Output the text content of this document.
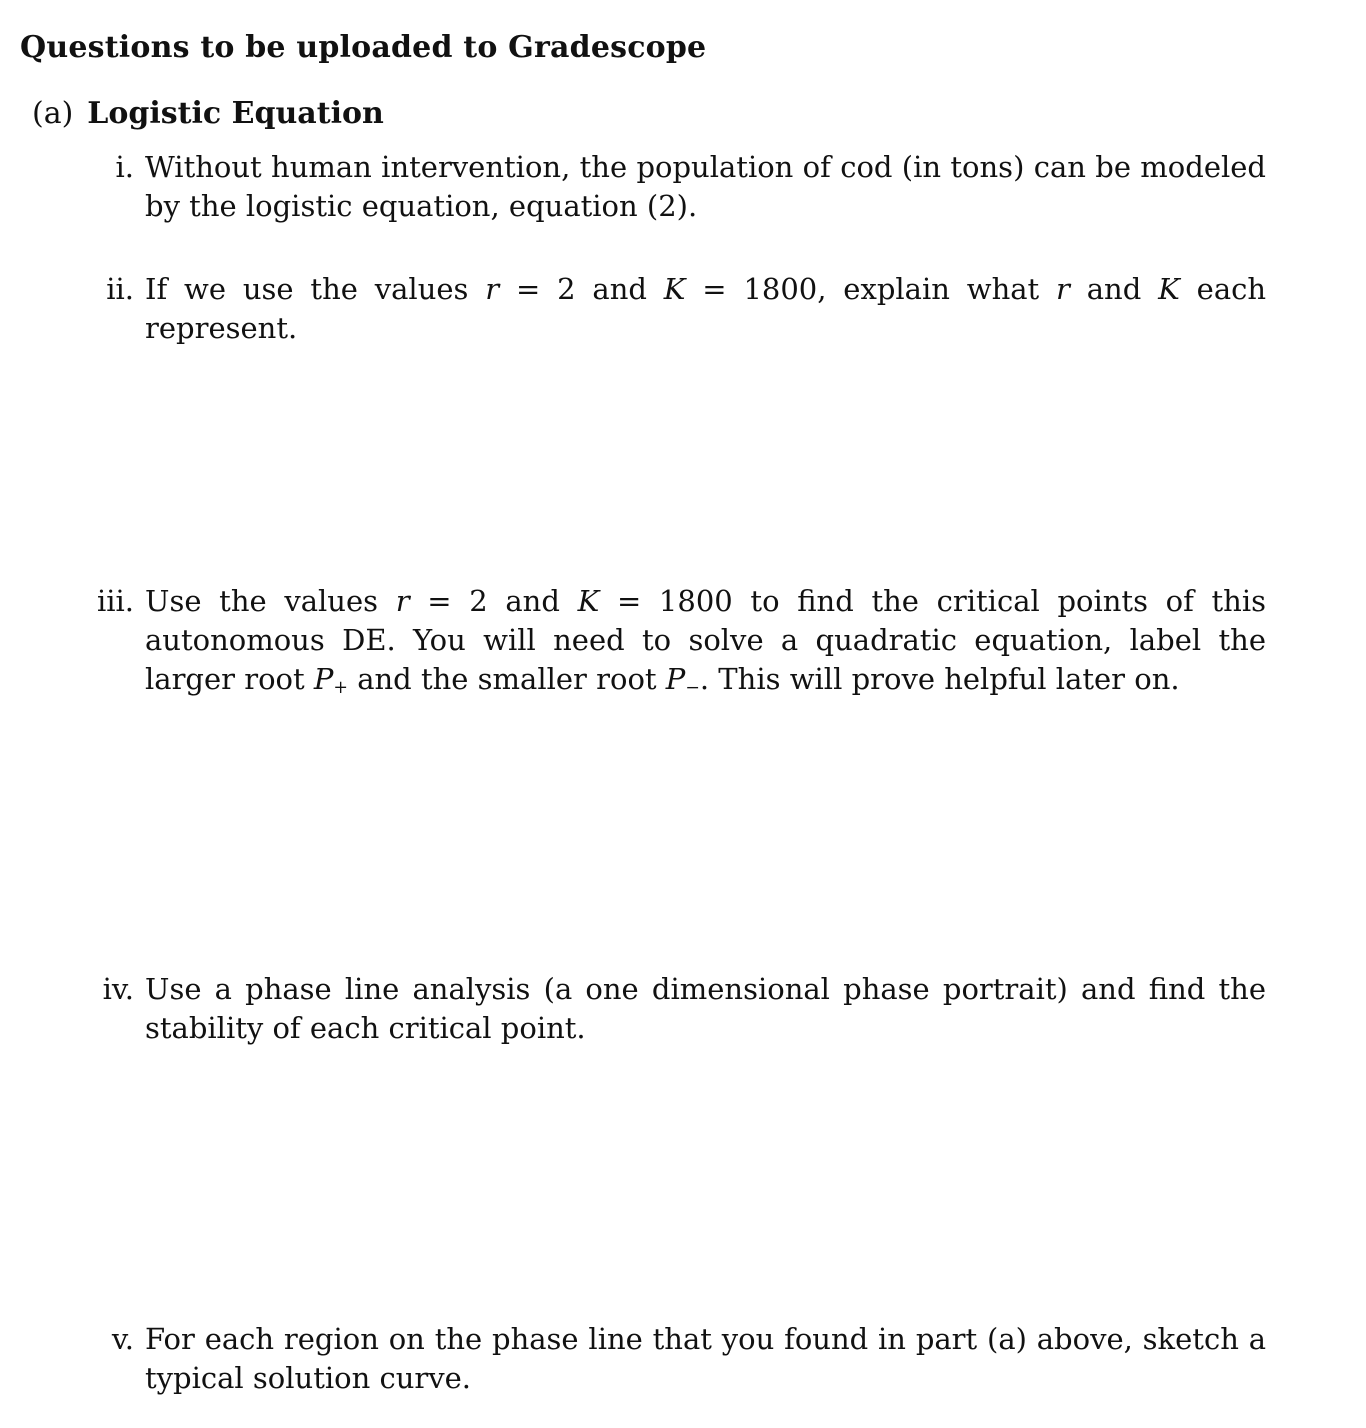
Questions to be uploaded to Gradescope
(a) Logistic Equation
i. Without human intervention, the population of cod (in tons) can be modeled by the logistic equation, equation (2).
ii. If we use the values r = 2 and K = 1800, explain what r and K each represent.
iii. Use the values r = 2 and K = 1800 to find the critical points of this autonomous DE. You will need to solve a quadratic equation, label the larger root $P_+$ and the smaller root $P_-$. This will prove helpful later on.
iv. Use a phase line analysis (a one dimensional phase portrait) and find the stability of each critical point.
v. For each region on the phase line that you found in part (a) above, sketch a typical solution curve.
